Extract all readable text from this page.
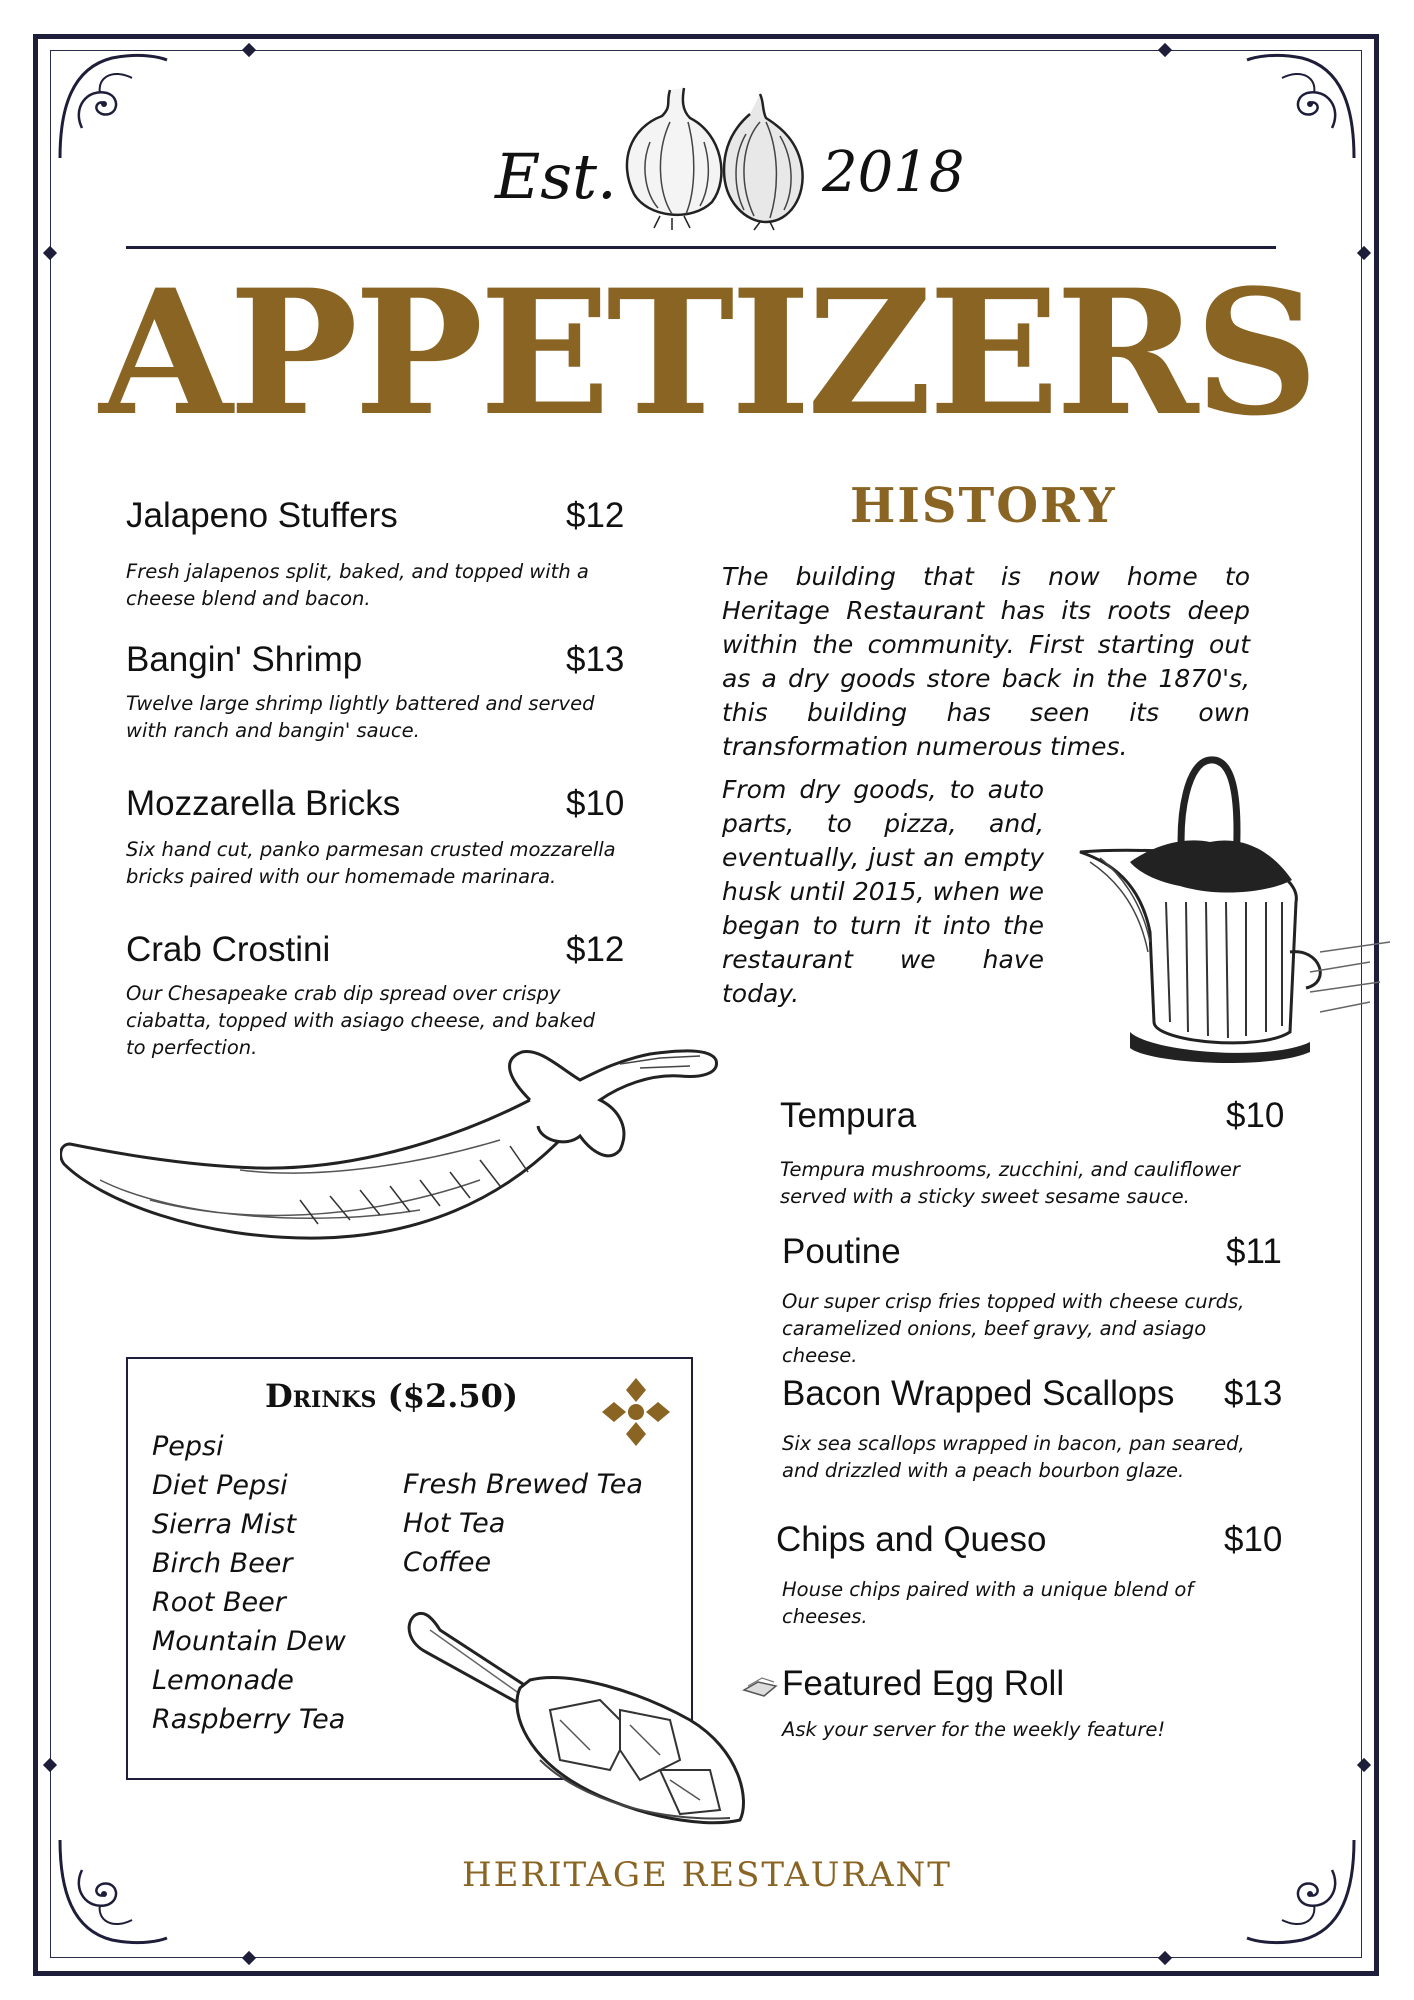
Est.	2018
APPETIZERS
Jalapeno Stuffers	$12
Fresh jalapenos split, baked, and topped with a cheese blend and bacon.
Bangin' Shrimp	$13
Twelve large shrimp lightly battered and served with ranch and bangin' sauce.
Mozzarella Bricks	$10
Six hand cut, panko parmesan crusted mozzarella bricks paired with our homemade marinara.
Crab Crostini	$12
Our Chesapeake crab dip spread over crispy ciabatta, topped with asiago cheese, and baked to perfection.
HISTORY
The building that is now home to Heritage Restaurant has its roots deep within the community. First starting out as a dry goods store back in the 1870's, this building has seen its own transformation numerous times.
From dry goods, to auto parts, to pizza, and, eventually, just an empty husk until 2015, when we began to turn it into the restaurant we have today.
Tempura	$10
Tempura mushrooms, zucchini, and cauliflower served with a sticky sweet sesame sauce.
Poutine	$11
Our super crisp fries topped with cheese curds, caramelized onions, beef gravy, and asiago cheese.
Bacon Wrapped Scallops $13
Six sea scallops wrapped in bacon, pan seared, and drizzled with a peach bourbon glaze.
Chips and Queso	$10
House chips paired with a unique blend of cheeses.
Featured Egg Roll
Ask your server for the weekly feature!
Drinks ($2.50)
Pepsi
Diet Pepsi
Sierra Mist
Birch Beer
Root Beer
Mountain Dew
Lemonade
Raspberry Tea
Fresh Brewed Tea
Hot Tea
Coffee
HERITAGE RESTAURANT
